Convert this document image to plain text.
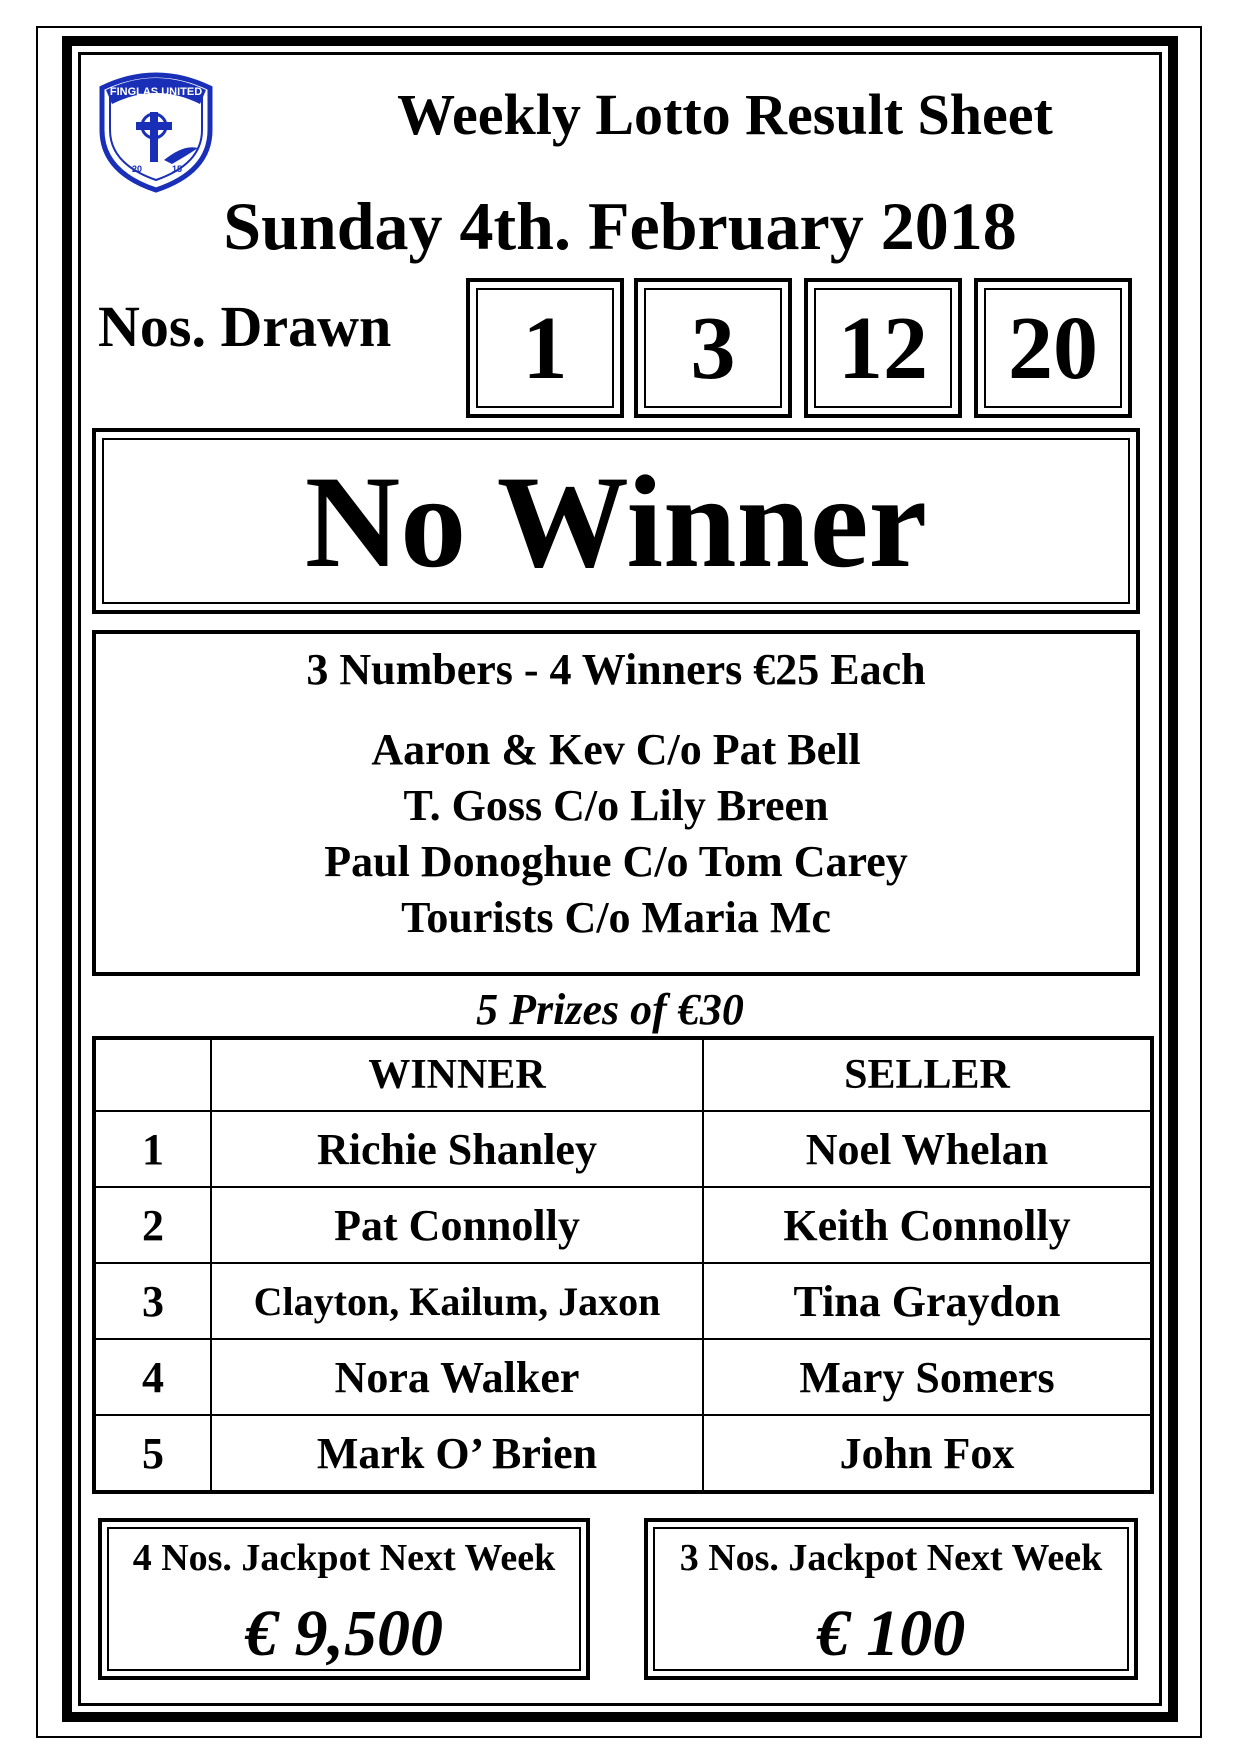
FINGLAS UNITED
20	15
Weekly Lotto Result Sheet
Sunday 4th. February 2018
Nos. Drawn 1 3 12 20
No Winner
3 Numbers - 4 Winners €25 Each
Aaron & Kev C/o Pat Bell
T. Goss C/o Lily Breen
Paul Donoghue C/o Tom Carey
Tourists C/o Maria Mc
5 Prizes of €30
	WINNER	SELLER
1	Richie Shanley	Noel Whelan
2	Pat Connolly	Keith Connolly
3	Clayton, Kailum, Jaxon	Tina Graydon
4	Nora Walker	Mary Somers
5	Mark O’ Brien	John Fox
4 Nos. Jackpot Next Week
€ 9,500
3 Nos. Jackpot Next Week
€ 100
